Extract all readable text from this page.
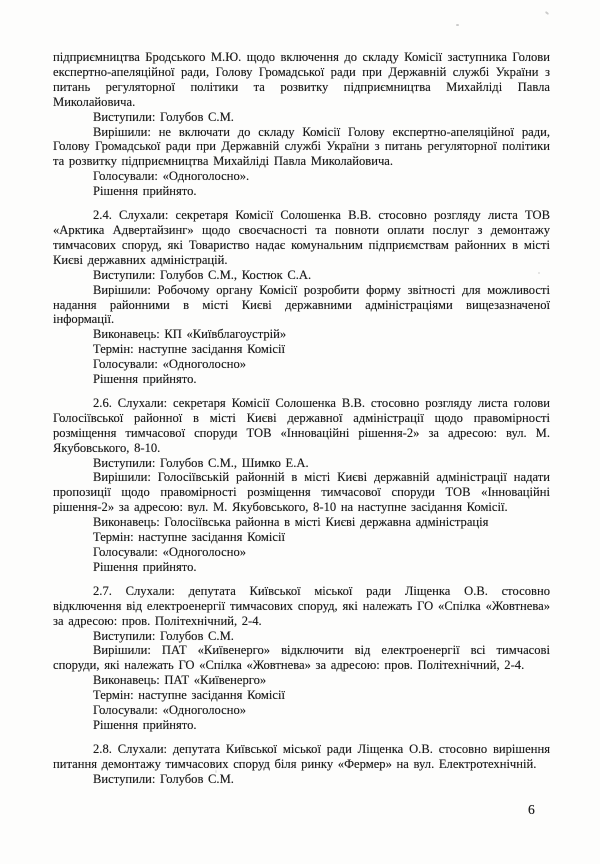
підприємництва Бродського М.Ю. щодо включення до складу Комісії заступника Голови експертно-апеляційної ради, Голову Громадської ради при Державній службі України з питань регуляторної політики та розвитку підприємництва Михайліді Павла Миколайовича.

Виступили: Голубов С.М.

Вирішили: не включати до складу Комісії Голову експертно-апеляційної ради, Голову Громадської ради при Державній службі України з питань регуляторної політики та розвитку підприємництва Михайліді Павла Миколайовича.

Голосували: «Одноголосно».

Рішення прийнято.

2.4. Слухали: секретаря Комісії Солошенка В.В. стосовно розгляду листа ТОВ «Арктика Адвертайзинг» щодо своєчасності та повноти оплати послуг з демонтажу тимчасових споруд, які Товариство надає комунальним підприємствам районних в місті Києві державних адміністрацій.

Виступили: Голубов С.М., Костюк С.А.

Вирішили: Робочому органу Комісії розробити форму звітності для можливості надання районними в місті Києві державними адміністраціями вищезазначеної інформації.

Виконавець: КП «Київблагоустрій»

Термін: наступне засідання Комісії

Голосували: «Одноголосно»

Рішення прийнято.

2.6. Слухали: секретаря Комісії Солошенка В.В. стосовно розгляду листа голови Голосіївської районної в місті Києві державної адміністрації щодо правомірності розміщення тимчасової споруди ТОВ «Інноваційні рішення-2» за адресою: вул. М. Якубовського, 8-10.

Виступили: Голубов С.М., Шимко Е.А.

Вирішили: Голосіївській районній в місті Києві державній адміністрації надати пропозиції щодо правомірності розміщення тимчасової споруди ТОВ «Інноваційні рішення-2» за адресою: вул. М. Якубовського, 8-10 на наступне засідання Комісії.

Виконавець: Голосіївська районна в місті Києві державна адміністрація

Термін: наступне засідання Комісії

Голосували: «Одноголосно»

Рішення прийнято.

2.7. Слухали: депутата Київської міської ради Ліщенка О.В. стосовно відключення від електроенергії тимчасових споруд, які належать ГО «Спілка «Жовтнева» за адресою: пров. Політехнічний, 2-4.

Виступили: Голубов С.М.

Вирішили: ПАТ «Київенерго» відключити від електроенергії всі тимчасові споруди, які належать ГО «Спілка «Жовтнева» за адресою: пров. Політехнічний, 2-4.

Виконавець: ПАТ «Київенерго»

Термін: наступне засідання Комісії

Голосували: «Одноголосно»

Рішення прийнято.

2.8. Слухали: депутата Київської міської ради Ліщенка О.В. стосовно вирішення питання демонтажу тимчасових споруд біля ринку «Фермер» на вул. Електротехнічній.

Виступили: Голубов С.М.

6
